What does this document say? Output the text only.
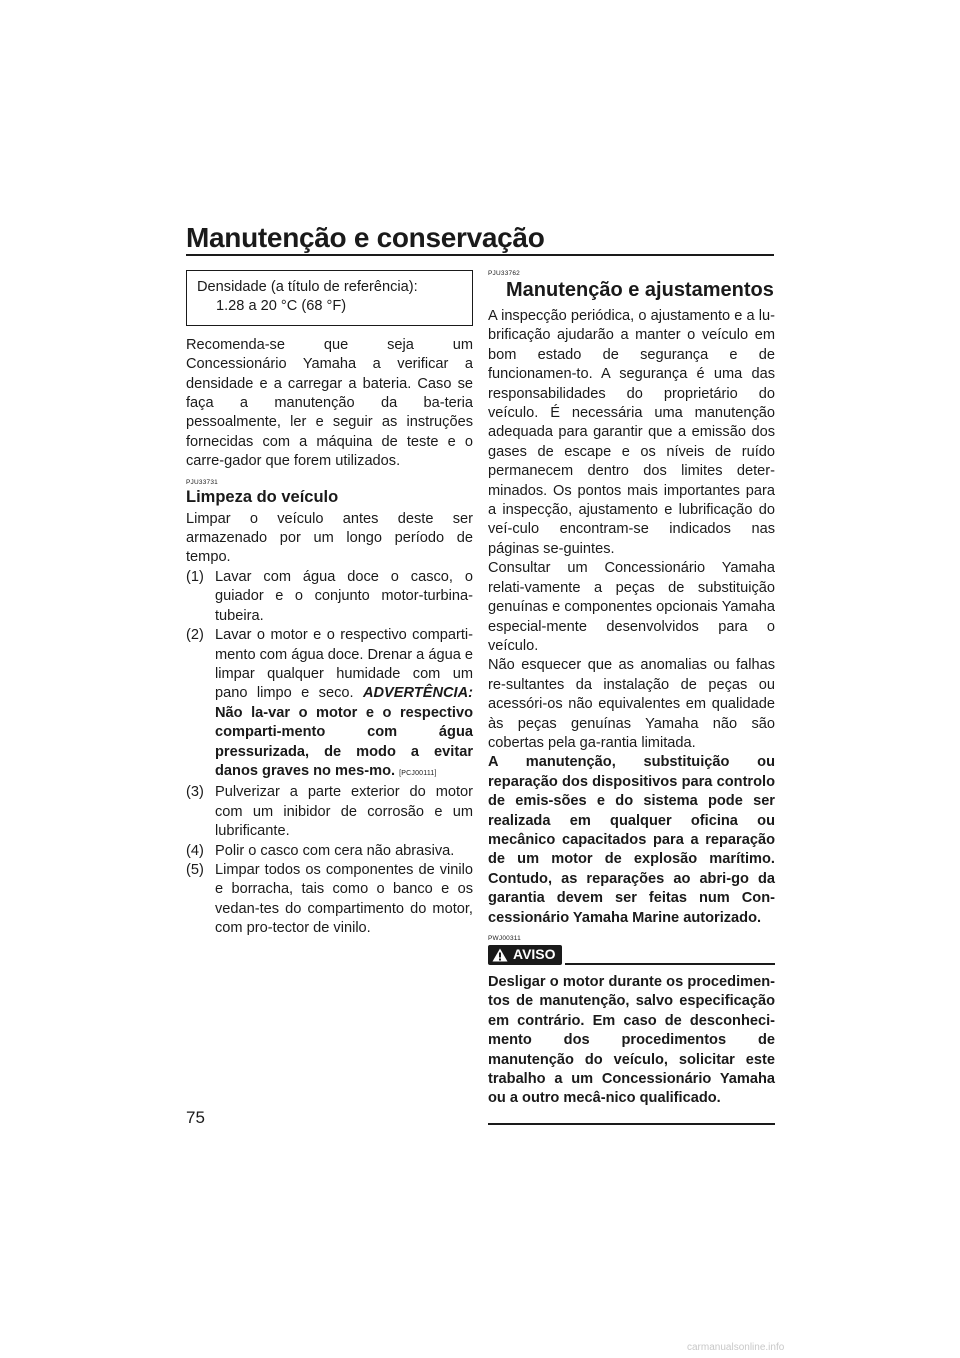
Manutenção e conservação
Densidade (a título de referência):
1.28 a 20 °C (68 °F)

Recomenda-se que seja um Concessionário Yamaha a verificar a densidade e a carregar a bateria. Caso se faça a manutenção da ba-teria pessoalmente, ler e seguir as instruções fornecidas com a máquina de teste e o carre-gador que forem utilizados.

PJU33731
Limpeza do veículo

Limpar o veículo antes deste ser armazenado por um longo período de tempo.

(1) Lavar com água doce o casco, o guiador e o conjunto motor-turbina-tubeira.
(2) Lavar o motor e o respectivo comparti-mento com água doce. Drenar a água e limpar qualquer humidade com um pano limpo e seco. ADVERTÊNCIA: Não la-var o motor e o respectivo comparti-mento com água pressurizada, de modo a evitar danos graves no mes-mo. [PCJ00111]
(3) Pulverizar a parte exterior do motor com um inibidor de corrosão e um lubrificante.
(4) Polir o casco com cera não abrasiva.
(5) Limpar todos os componentes de vinilo e borracha, tais como o banco e os vedan-tes do compartimento do motor, com pro-tector de vinilo.
PJU33762
Manutenção e ajustamentos

A inspecção periódica, o ajustamento e a lu-brificação ajudarão a manter o veículo em bom estado de segurança e de funcionamen-to. A segurança é uma das responsabilidades do proprietário do veículo. É necessária uma manutenção adequada para garantir que a emissão dos gases de escape e os níveis de ruído permanecem dentro dos limites deter-minados. Os pontos mais importantes para a inspecção, ajustamento e lubrificação do veí-culo encontram-se indicados nas páginas se-guintes.

Consultar um Concessionário Yamaha relati-vamente a peças de substituição genuínas e componentes opcionais Yamaha especial-mente desenvolvidos para o veículo.

Não esquecer que as anomalias ou falhas re-sultantes da instalação de peças ou acessóri-os não equivalentes em qualidade às peças genuínas Yamaha não são cobertas pela ga-rantia limitada.

A manutenção, substituição ou reparação dos dispositivos para controlo de emis-sões e do sistema pode ser realizada em qualquer oficina ou mecânico capacitados para a reparação de um motor de explosão marítimo. Contudo, as reparações ao abri-go da garantia devem ser feitas num Con-cessionário Yamaha Marine autorizado.

PWJ00311
AVISO

Desligar o motor durante os procedimen-tos de manutenção, salvo especificação em contrário. Em caso de desconheci-mento dos procedimentos de manutenção do veículo, solicitar este trabalho a um Concessionário Yamaha ou a outro mecâ-nico qualificado.

75
carmanualsonline.info
